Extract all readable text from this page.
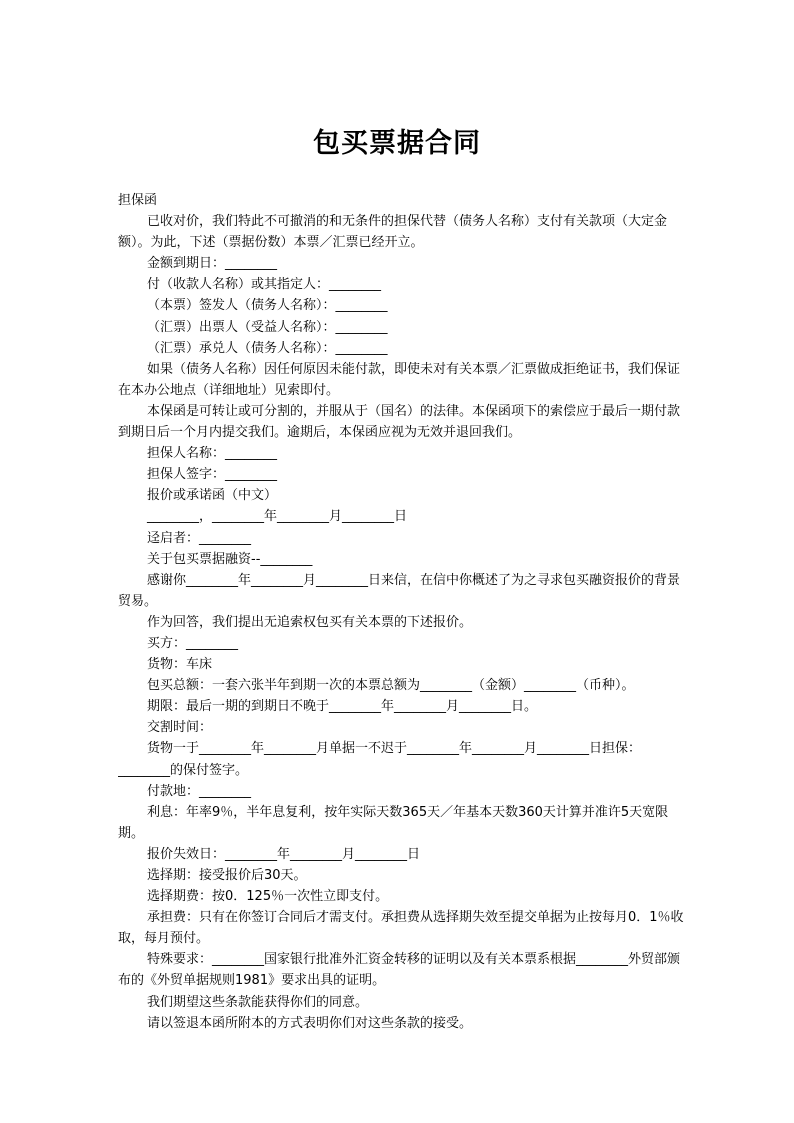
包买票据合同
担保函
已收对价，我们特此不可撤消的和无条件的担保代替（债务人名称）支付有关款项（大定金额）。为此，下述（票据份数）本票／汇票已经开立。
金额到期日：________
付（收款人名称）或其指定人：________
（本票）签发人（债务人名称）：________
（汇票）出票人（受益人名称）：________
（汇票）承兑人（债务人名称）：________
如果（债务人名称）因任何原因未能付款，即使未对有关本票／汇票做成拒绝证书，我们保证在本办公地点（详细地址）见索即付。
本保函是可转让或可分割的，并服从于（国名）的法律。本保函项下的索偿应于最后一期付款到期日后一个月内提交我们。逾期后，本保函应视为无效并退回我们。
担保人名称：________
担保人签字：________
报价或承诺函（中文）
________，________年________月________日
迳启者：________
关于包买票据融资--________
感谢你________年________月________日来信，在信中你概述了为之寻求包买融资报价的背景贸易。
作为回答，我们提出无追索权包买有关本票的下述报价。
买方：________
货物：车床
包买总额：一套六张半年到期一次的本票总额为________（金额）________（币种）。
期限：最后一期的到期日不晚于________年________月________日。
交割时间：
货物一于________年________月单据一不迟于________年________月________日担保：________的保付签字。
付款地：________
利息：年率9％，半年息复利，按年实际天数365天／年基本天数360天计算并准许5天宽限期。
报价失效日：________年________月________日
选择期：接受报价后30天。
选择期费：按0．125％一次性立即支付。
承担费：只有在你签订合同后才需支付。承担费从选择期失效至提交单据为止按每月0．1％收取，每月预付。
特殊要求：________国家银行批准外汇资金转移的证明以及有关本票系根据________外贸部颁布的《外贸单据规则1981》要求出具的证明。
我们期望这些条款能获得你们的同意。
请以签退本函所附本的方式表明你们对这些条款的接受。
